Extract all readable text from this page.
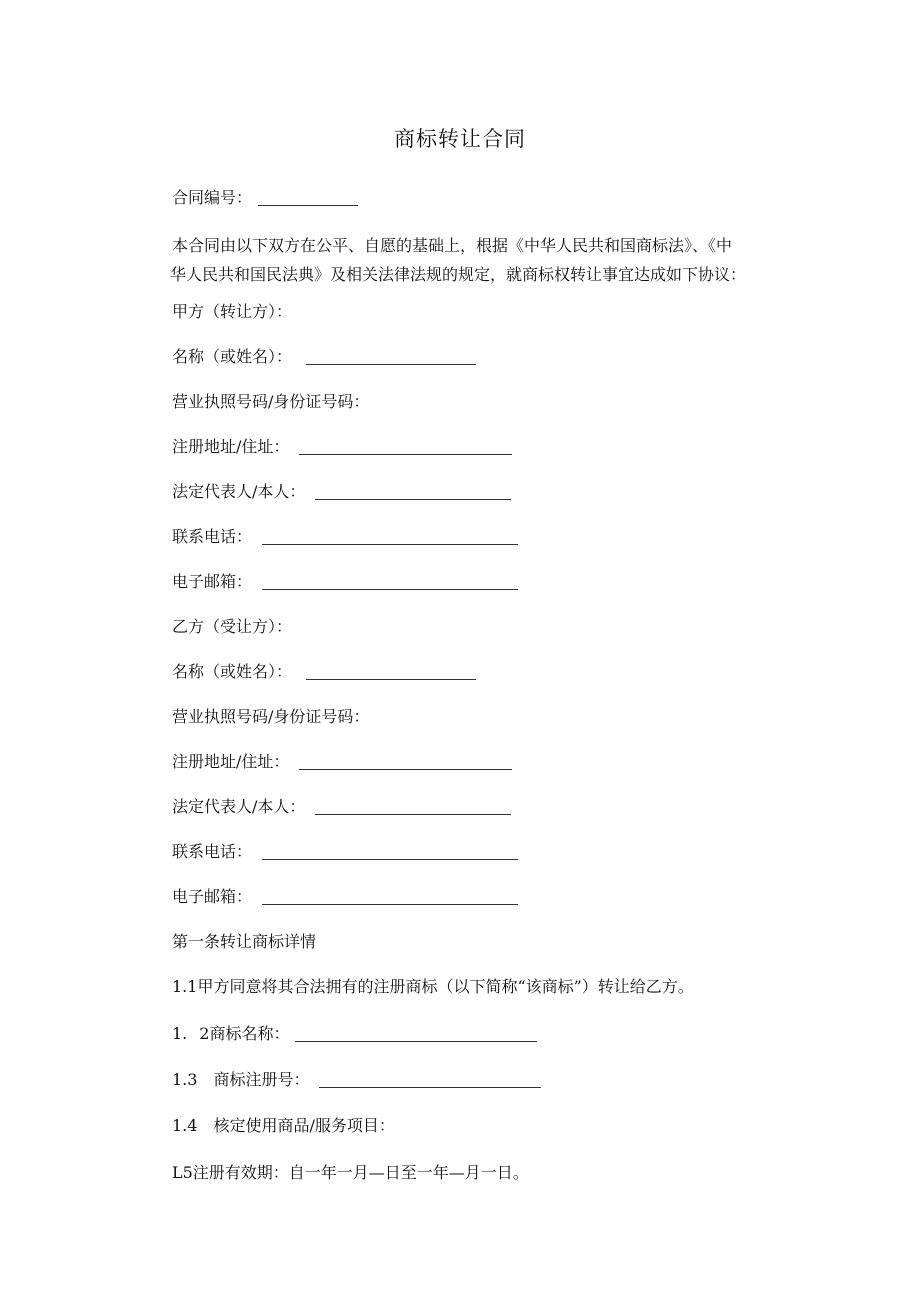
商标转让合同
合同编号：
本合同由以下双方在公平、自愿的基础上，根据《中华人民共和国商标法》、《中
华人民共和国民法典》及相关法律法规的规定，就商标权转让事宜达成如下协议：
甲方（转让方）：
名称（或姓名）：
营业执照号码/身份证号码：
注册地址/住址：
法定代表人/本人：
联系电话：
电子邮箱：
乙方（受让方）：
名称（或姓名）：
营业执照号码/身份证号码：
注册地址/住址：
法定代表人/本人：
联系电话：
电子邮箱：
第一条转让商标详情
1.1甲方同意将其合法拥有的注册商标（以下简称“该商标”）转让给乙方。
1. 2商标名称：
1.3 商标注册号：
1.4 核定使用商品/服务项目：
L5注册有效期：自一年一月—日至一年—月一日。
